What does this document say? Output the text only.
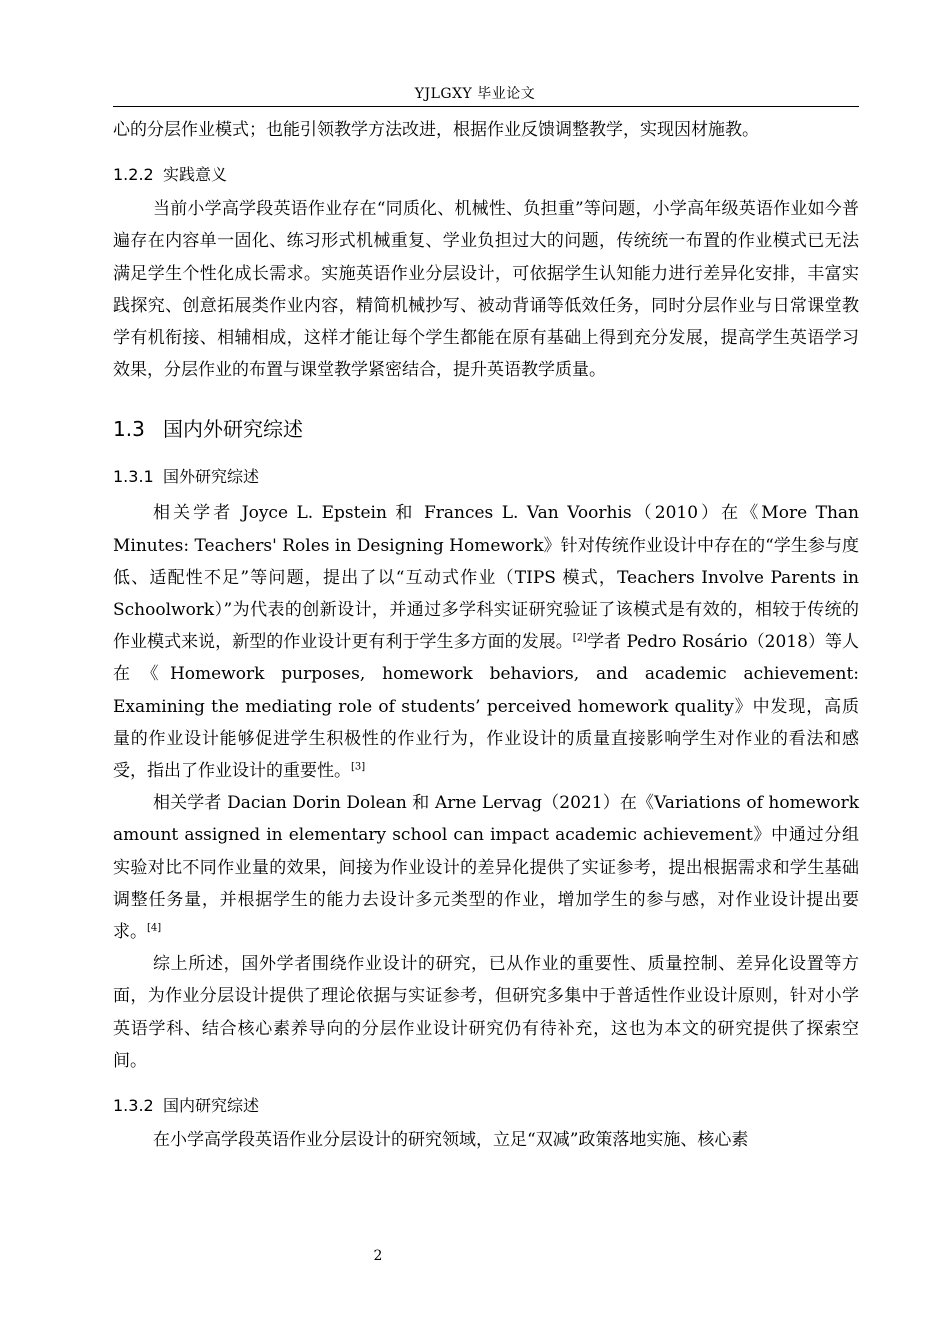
YJLGXY 毕业论文

心的分层作业模式；也能引领教学方法改进，根据作业反馈调整教学，实现因材施教。

1.2.2 实践意义

当前小学高学段英语作业存在“同质化、机械性、负担重”等问题，小学高年级英语作业如今普遍存在内容单一固化、练习形式机械重复、学业负担过大的问题，传统统一布置的作业模式已无法满足学生个性化成长需求。实施英语作业分层设计，可依据学生认知能力进行差异化安排，丰富实践探究、创意拓展类作业内容，精简机械抄写、被动背诵等低效任务，同时分层作业与日常课堂教学有机衔接、相辅相成，这样才能让每个学生都能在原有基础上得到充分发展，提高学生英语学习效果，分层作业的布置与课堂教学紧密结合，提升英语教学质量。

1.3 国内外研究综述
1.3.1 国外研究综述

相关学者 Joyce L. Epstein 和 Frances L. Van Voorhis（2010）在《More Than Minutes: Teachers' Roles in Designing Homework》针对传统作业设计中存在的“学生参与度低、适配性不足”等问题，提出了以“互动式作业（TIPS 模式，Teachers Involve Parents in Schoolwork）”为代表的创新设计，并通过多学科实证研究验证了该模式是有效的，相较于传统的作业模式来说，新型的作业设计更有利于学生多方面的发展。[2]学者 Pedro Rosário（2018）等人在《Homework purposes, homework behaviors, and academic achievement: Examining the mediating role of students’ perceived homework quality》中发现，高质量的作业设计能够促进学生积极性的作业行为，作业设计的质量直接影响学生对作业的看法和感受，指出了作业设计的重要性。[3]

相关学者 Dacian Dorin Dolean 和 Arne Lervag（2021）在《Variations of homework amount assigned in elementary school can impact academic achievement》中通过分组实验对比不同作业量的效果，间接为作业设计的差异化提供了实证参考，提出根据需求和学生基础调整任务量，并根据学生的能力去设计多元类型的作业，增加学生的参与感，对作业设计提出要求。[4]

综上所述，国外学者围绕作业设计的研究，已从作业的重要性、质量控制、差异化设置等方面，为作业分层设计提供了理论依据与实证参考，但研究多集中于普适性作业设计原则，针对小学英语学科、结合核心素养导向的分层作业设计研究仍有待补充，这也为本文的研究提供了探索空间。

1.3.2 国内研究综述

在小学高学段英语作业分层设计的研究领域，立足“双减”政策落地实施、核心素

2
